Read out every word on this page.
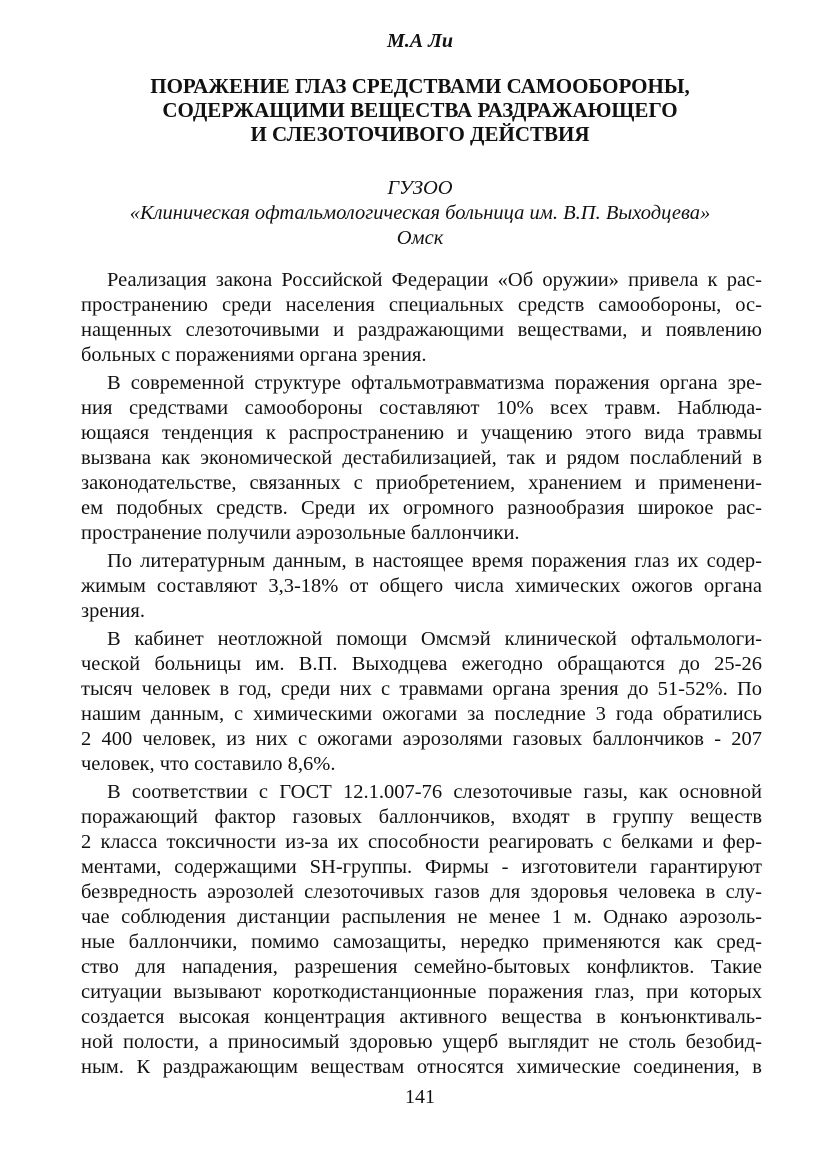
М.А Ли
ПОРАЖЕНИЕ ГЛАЗ СРЕДСТВАМИ САМООБОРОНЫ,
СОДЕРЖАЩИМИ ВЕЩЕСТВА РАЗДРАЖАЮЩЕГО
И СЛЕЗОТОЧИВОГО ДЕЙСТВИЯ
ГУЗОО
«Клиническая офтальмологическая больница им. В.П. Выходцева»
Омск
Реализация закона Российской Федерации «Об оружии» привела к рас-
пространению среди населения специальных средств самообороны, ос-
нащенных слезоточивыми и раздражающими веществами, и появлению
больных с поражениями органа зрения.
В современной структуре офтальмотравматизма поражения органа зре-
ния средствами самообороны составляют 10% всех травм. Наблюда-
ющаяся тенденция к распространению и учащению этого вида травмы
вызвана как экономической дестабилизацией, так и рядом послаблений в
законодательстве, связанных с приобретением, хранением и применени-
ем подобных средств. Среди их огромного разнообразия широкое рас-
пространение получили аэрозольные баллончики.
По литературным данным, в настоящее время поражения глаз их содер-
жимым составляют 3,3-18% от общего числа химических ожогов органа
зрения.
В кабинет неотложной помощи Омсмэй клинической офтальмологи-
ческой больницы им. В.П. Выходцева ежегодно обращаются до 25-26
тысяч человек в год, среди них с травмами органа зрения до 51-52%. По
нашим данным, с химическими ожогами за последние 3 года обратились
2 400 человек, из них с ожогами аэрозолями газовых баллончиков - 207
человек, что составило 8,6%.
В соответствии с ГОСТ 12.1.007-76 слезоточивые газы, как основной
поражающий фактор газовых баллончиков, входят в группу веществ
2 класса токсичности из-за их способности реагировать с белками и фер-
ментами, содержащими SH-группы. Фирмы - изготовители гарантируют
безвредность аэрозолей слезоточивых газов для здоровья человека в слу-
чае соблюдения дистанции распыления не менее 1 м. Однако аэрозоль-
ные баллончики, помимо самозащиты, нередко применяются как сред-
ство для нападения, разрешения семейно-бытовых конфликтов. Такие
ситуации вызывают короткодистанционные поражения глаз, при которых
создается высокая концентрация активного вещества в конъюнктиваль-
ной полости, а приносимый здоровью ущерб выглядит не столь безобид-
ным. К раздражающим веществам относятся химические соединения, в
141
